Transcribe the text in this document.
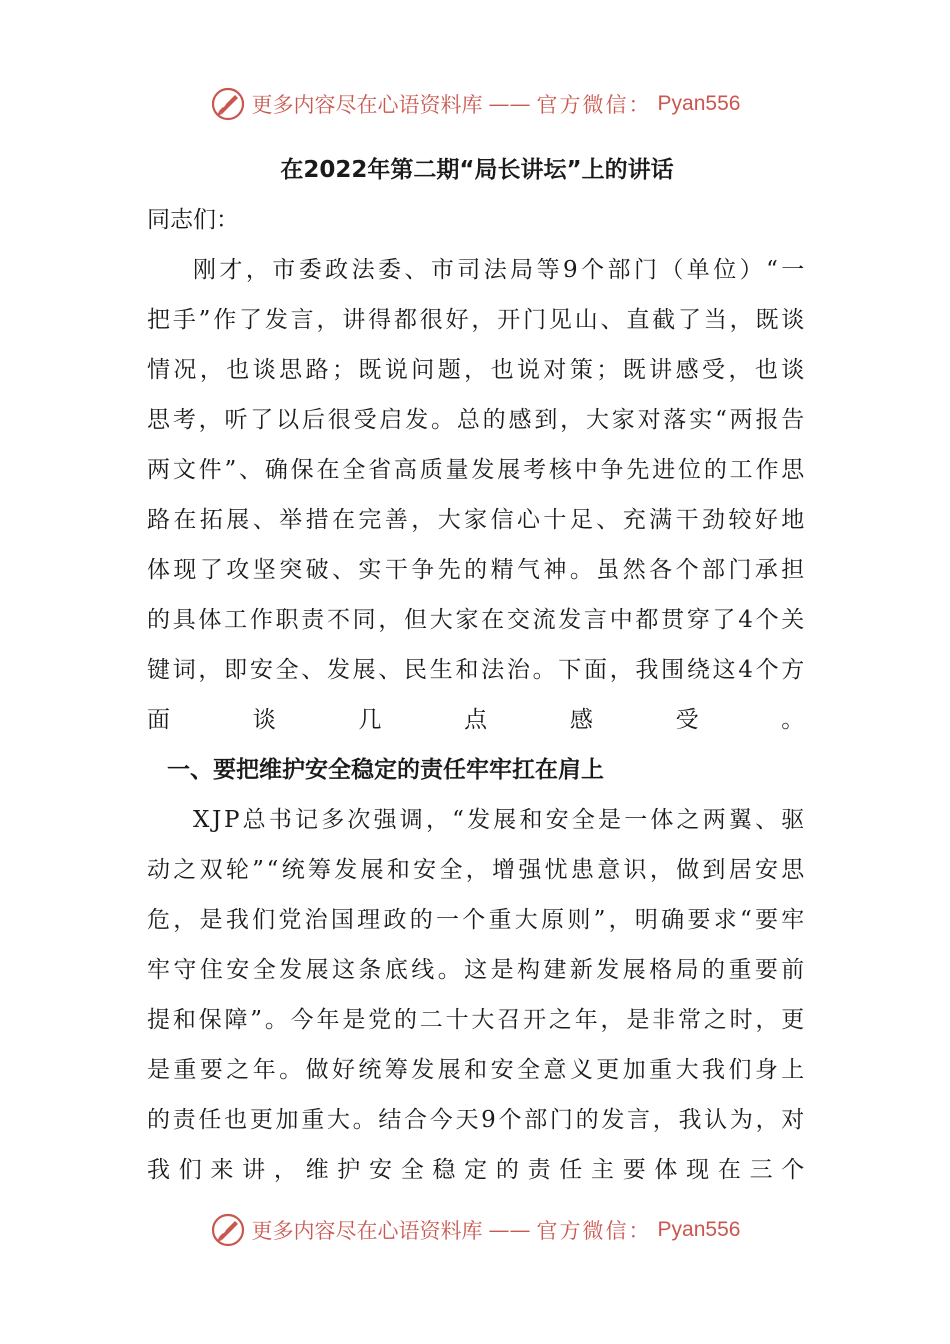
更多内容尽在心语资料库 —— 官方微信： Pyan556
在2022年第二期“局长讲坛”上的讲话

同志们：

刚才，市委政法委、市司法局等9个部门（单位）“一把手”作了发言，讲得都很好，开门见山、直截了当，既谈情况，也谈思路；既说问题，也说对策；既讲感受，也谈思考，听了以后很受启发。总的感到，大家对落实“两报告两文件”、确保在全省高质量发展考核中争先进位的工作思路在拓展、举措在完善，大家信心十足、充满干劲较好地体现了攻坚突破、实干争先的精气神。虽然各个部门承担的具体工作职责不同，但大家在交流发言中都贯穿了4个关键词，即安全、发展、民生和法治。下面，我围绕这4个方面谈几点感受。

一、要把维护安全稳定的责任牢牢扛在肩上

XJP总书记多次强调，“发展和安全是一体之两翼、驱动之双轮”“统筹发展和安全，增强忧患意识，做到居安思危，是我们党治国理政的一个重大原则”，明确要求“要牢牢守住安全发展这条底线。这是构建新发展格局的重要前提和保障”。今年是党的二十大召开之年，是非常之时，更是重要之年。做好统筹发展和安全意义更加重大我们身上的责任也更加重大。结合今天9个部门的发言，我认为，对我们来讲，维护安全稳定的责任主要体现在三个

更多内容尽在心语资料库 —— 官方微信： Pyan556
